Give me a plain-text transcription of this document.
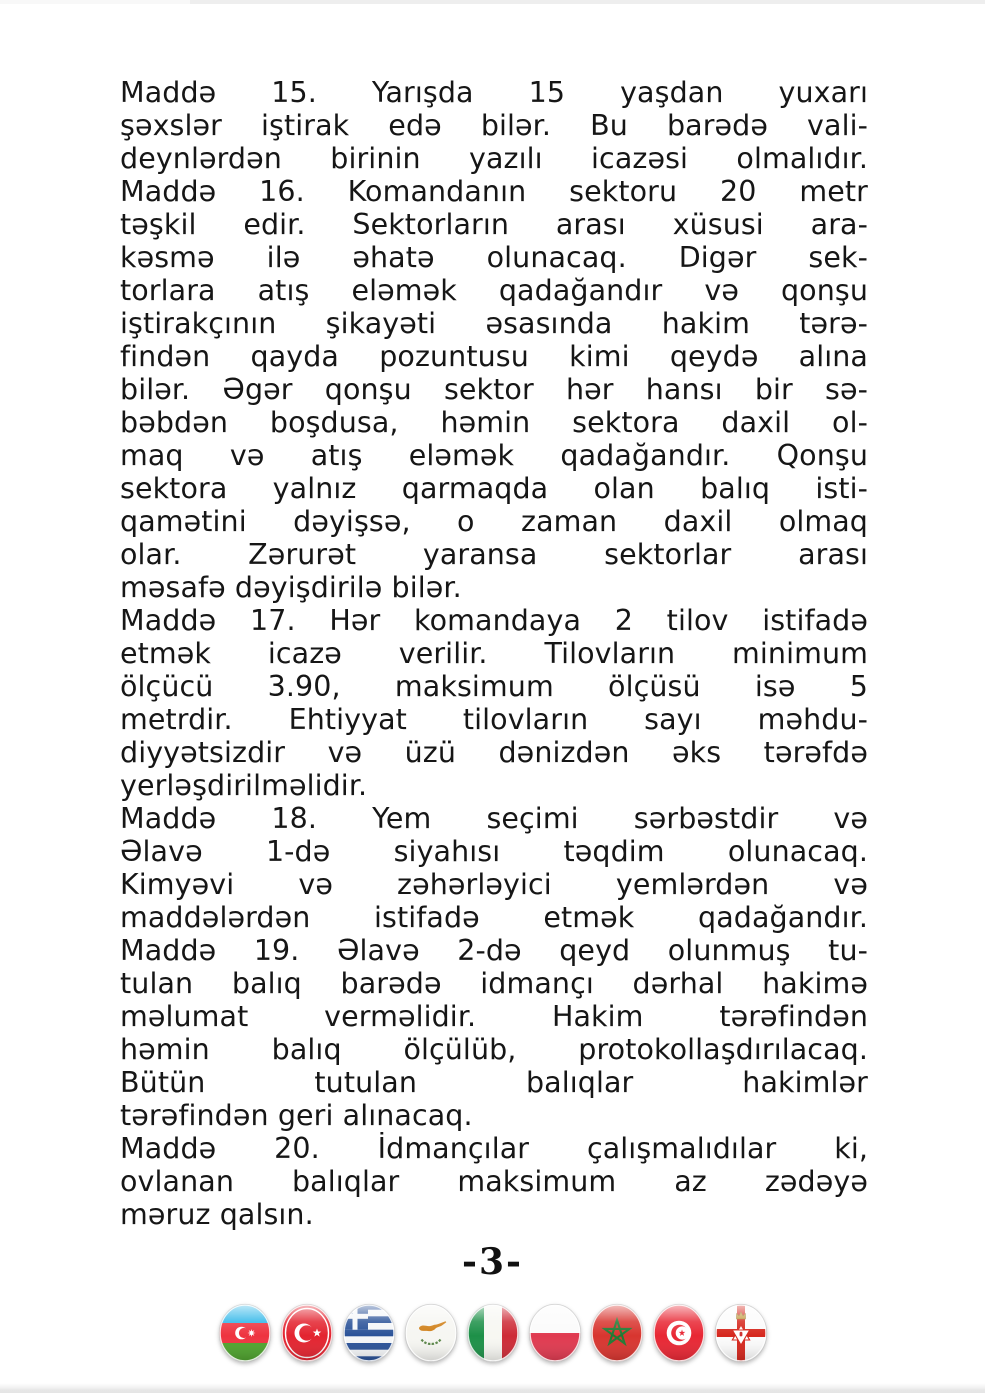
Maddə 15. Yarışda 15 yaşdan yuxarı
şəxslər iştirak edə bilər. Bu barədə vali-
deynlərdən birinin yazılı icazəsi olmalıdır.
Maddə 16. Komandanın sektoru 20 metr
təşkil edir. Sektorların arası xüsusi ara-
kəsmə ilə əhatə olunacaq. Digər sek-
torlara atış eləmək qadağandır və qonşu
iştirakçının şikayəti əsasında hakim tərə-
findən qayda pozuntusu kimi qeydə alına
bilər. Əgər qonşu sektor hər hansı bir sə-
bəbdən boşdusa, həmin sektora daxil ol-
maq və atış eləmək qadağandır. Qonşu
sektora yalnız qarmaqda olan balıq isti-
qamətini dəyişsə, o zaman daxil olmaq
olar. Zərurət yaransa sektorlar arası
məsafə dəyişdirilə bilər.
Maddə 17. Hər komandaya 2 tilov istifadə
etmək icazə verilir. Tilovların minimum
ölçücü 3.90, maksimum ölçüsü isə 5
metrdir. Ehtiyyat tilovların sayı məhdu-
diyyətsizdir və üzü dənizdən əks tərəfdə
yerləşdirilməlidir.
Maddə 18. Yem seçimi sərbəstdir və
Əlavə 1-də siyahısı təqdim olunacaq.
Kimyəvi və zəhərləyici yemlərdən və
maddələrdən istifadə etmək qadağandır.
Maddə 19. Əlavə 2-də qeyd olunmuş tu-
tulan balıq barədə idmançı dərhal hakimə
məlumat verməlidir. Hakim tərəfindən
həmin balıq ölçülüb, protokollaşdırılacaq.
Bütün tutulan balıqlar hakimlər
tərəfindən geri alınacaq.
Maddə 20. İdmançılar çalışmalıdılar ki,
ovlanan balıqlar maksimum az zədəyə
məruz qalsın.
-3-
